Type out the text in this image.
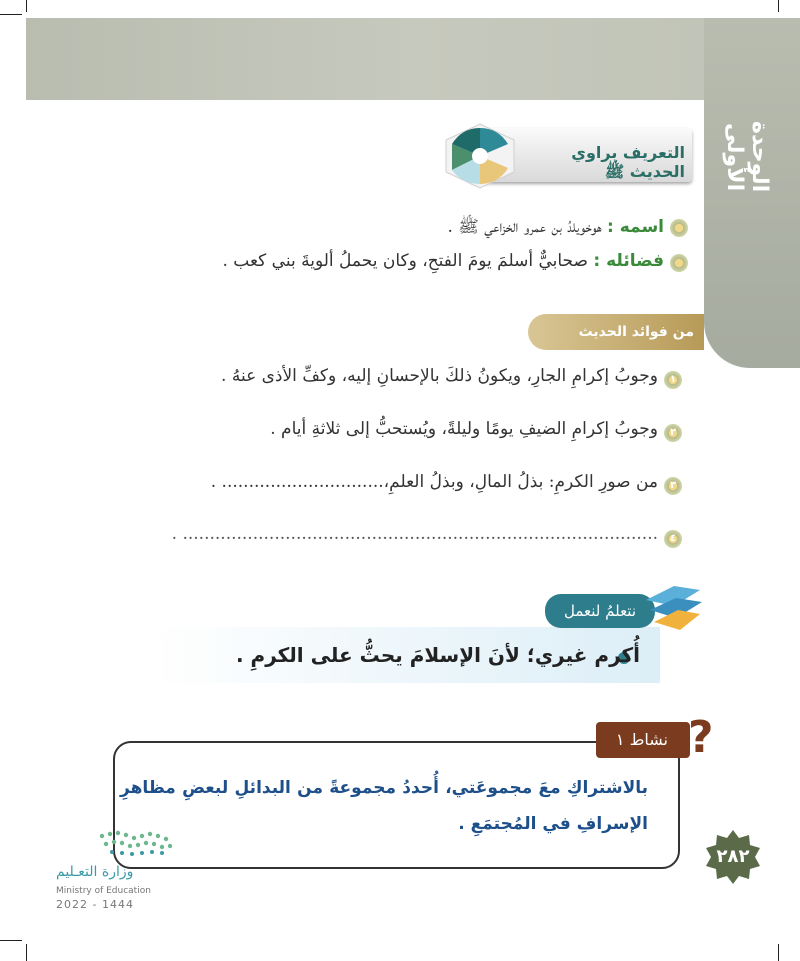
الوحدة الأولى
التعريف براوي الحديث ﷺ
اسمه : هوخويلدُ بن عمرو الخزاعي ﷺ .
فضائله : صحابيٌّ أسلمَ يومَ الفتحِ، وكان يحملُ ألويةَ بني كعب .
من فوائد الحديث
١
وجوبُ إكرامِ الجارِ، ويكونُ ذلكَ بالإحسانِ إليه، وكفِّ الأذى عنهُ .
٢
وجوبُ إكرامِ الضيفِ يومًا وليلةً، ويُستحبُّ إلى ثلاثةِ أيام .
٣
من صورِ الكرمِ: بذلُ المالِ، وبذلُ العلمِ،.............................. .
٤
........................................................................................ .
نتعلمُ لنعمل
أُكرم غيري؛ لأنَ الإسلامَ يحثُّ على الكرمِ .
نشاط ١ ?
بالاشتراكِ معَ مجموعَتي، أُحددُ مجموعةً من البدائلِ لبعضِ مظاهرِ الإسرافِ في المُجتمَعِ .
٢٨٢
وزارة التعـليم
Ministry of Education
2022 - 1444
